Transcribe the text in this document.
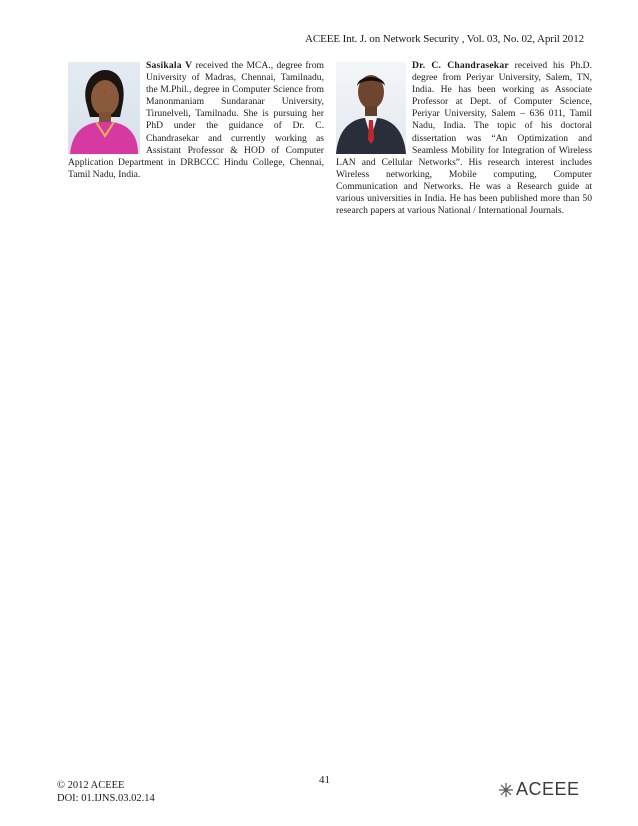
ACEEE Int. J. on Network Security , Vol. 03, No. 02, April 2012
Sasikala V received the MCA., degree from University of Madras, Chennai, Tamilnadu, the M.Phil., degree in Computer Science from Manonmaniam Sundaranar University, Tirunelveli, Tamilnadu. She is pursuing her PhD under the guidance of Dr. C. Chandrasekar and currently working as Assistant Professor & HOD of Computer Application Department in DRBCCC Hindu College, Chennai, Tamil Nadu, India.
Dr. C. Chandrasekar received his Ph.D. degree from Periyar University, Salem, TN, India. He has been working as Associate Professor at Dept. of Computer Science, Periyar University, Salem – 636 011, Tamil Nadu, India. The topic of his doctoral dissertation was “An Optimization and Seamless Mobility for Integration of Wireless LAN and Cellular Networks”. His research interest includes Wireless networking, Mobile computing, Computer Communication and Networks. He was a Research guide at various universities in India. He has been published more than 50 research papers at various National / International Journals.
41
© 2012 ACEEE
DOI: 01.IJNS.03.02.14	ACEEE
